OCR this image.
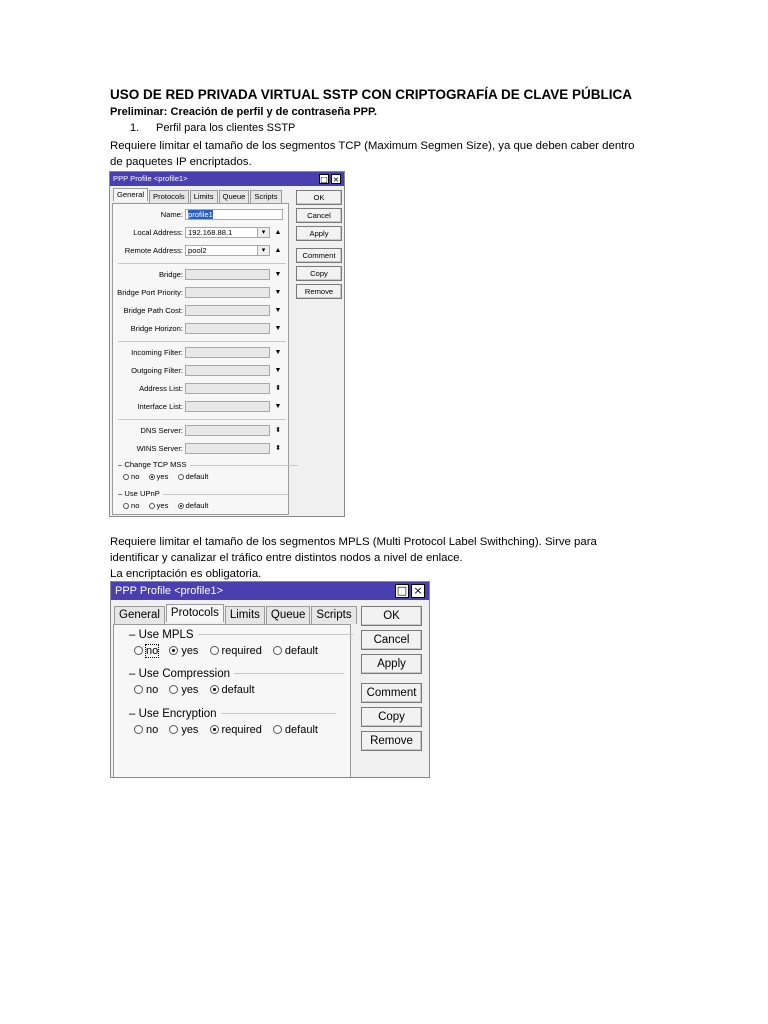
USO DE RED PRIVADA VIRTUAL SSTP CON CRIPTOGRAFÍA DE CLAVE PÚBLICA

Preliminar: Creación de perfil y de contraseña PPP.

1. Perfil para los clientes SSTP

Requiere limitar el tamaño de los segmentos TCP (Maximum Segmen Size), ya que deben caber dentro

de paquetes IP encriptados.

Requiere limitar el tamaño de los segmentos MPLS (Multi Protocol Label Swithching). Sirve para

identificar y canalizar el tráfico entre distintos nodos a nivel de enlace.

La encriptación es obligatoria.

PPP Profile <profile1>	□ ×
General	Protocols	Limits	Queue	Scripts
Name: profile1
Local Address: 192.168.88.1	▾	▲
Remote Address: pool2	▾	▲
Bridge:	▼
Bridge Port Priority:	▼
Bridge Path Cost:	▼
Bridge Horizon:	▼
Incoming Filter:	▼
Outgoing Filter:	▼
Address List:	⬍
Interface List:	▼
DNS Server:	⬍
WINS Server:	⬍
– Change TCP MSS
no yes default
– Use UPnP
no yes default
OK
Cancel
Apply
Comment
Copy
Remove
PPP Profile <profile1>	□ ×
General Protocols Limits Queue Scripts
– Use MPLS
no yes required default
– Use Compression
no yes default
– Use Encryption
no yes required default
OK
Cancel
Apply
Comment
Copy
Remove
